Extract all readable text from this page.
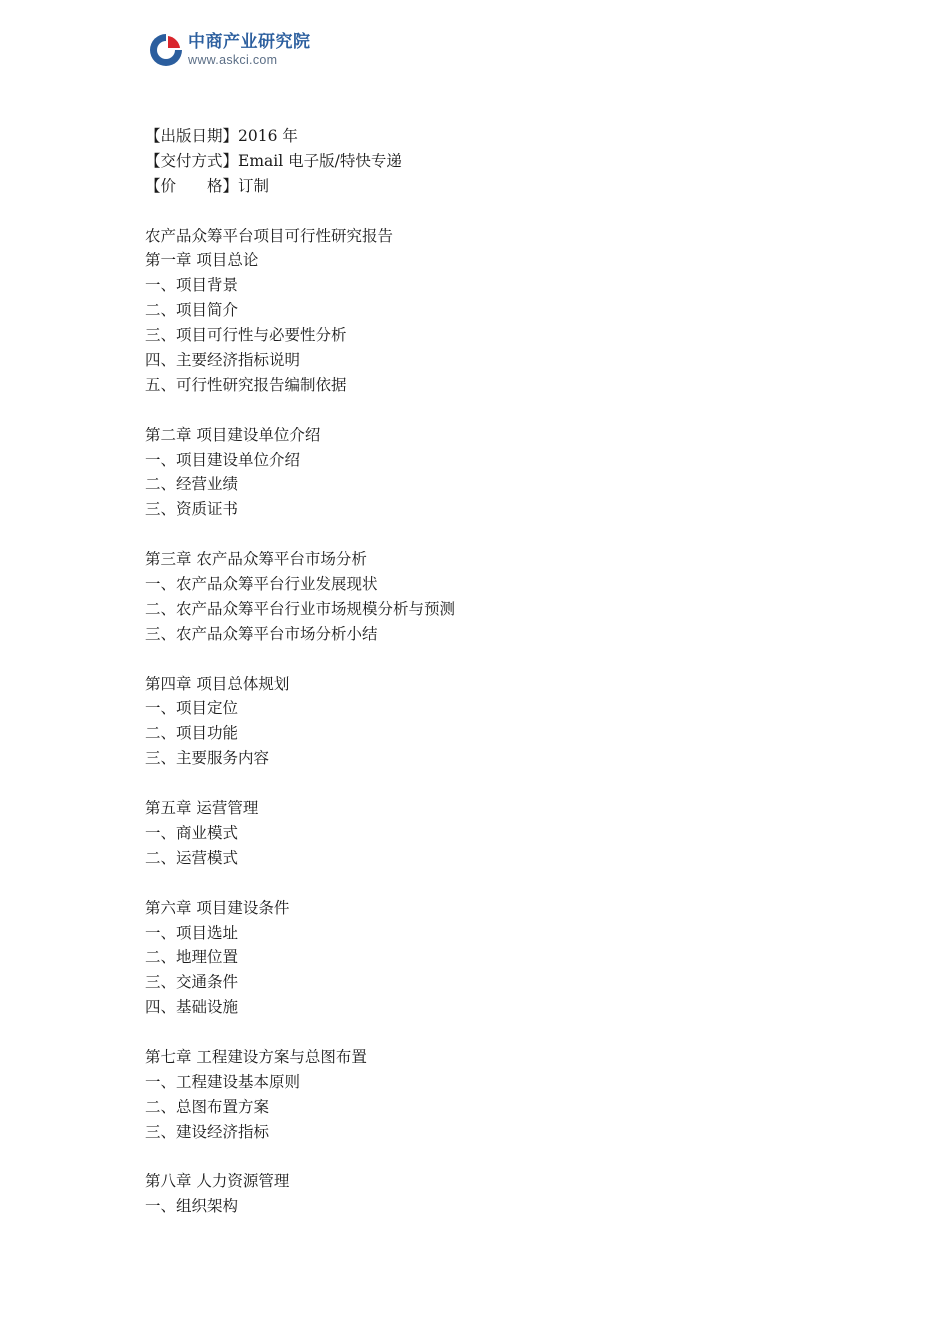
中商产业研究院
www.askci.com
【出版日期】2016 年
【交付方式】Email 电子版/特快专递
【价　　格】订制
农产品众筹平台项目可行性研究报告
第一章 项目总论
一、项目背景
二、项目简介
三、项目可行性与必要性分析
四、主要经济指标说明
五、可行性研究报告编制依据
第二章 项目建设单位介绍
一、项目建设单位介绍
二、经营业绩
三、资质证书
第三章 农产品众筹平台市场分析
一、农产品众筹平台行业发展现状
二、农产品众筹平台行业市场规模分析与预测
三、农产品众筹平台市场分析小结
第四章 项目总体规划
一、项目定位
二、项目功能
三、主要服务内容
第五章 运营管理
一、商业模式
二、运营模式
第六章 项目建设条件
一、项目选址
二、地理位置
三、交通条件
四、基础设施
第七章 工程建设方案与总图布置
一、工程建设基本原则
二、总图布置方案
三、建设经济指标
第八章 人力资源管理
一、组织架构
